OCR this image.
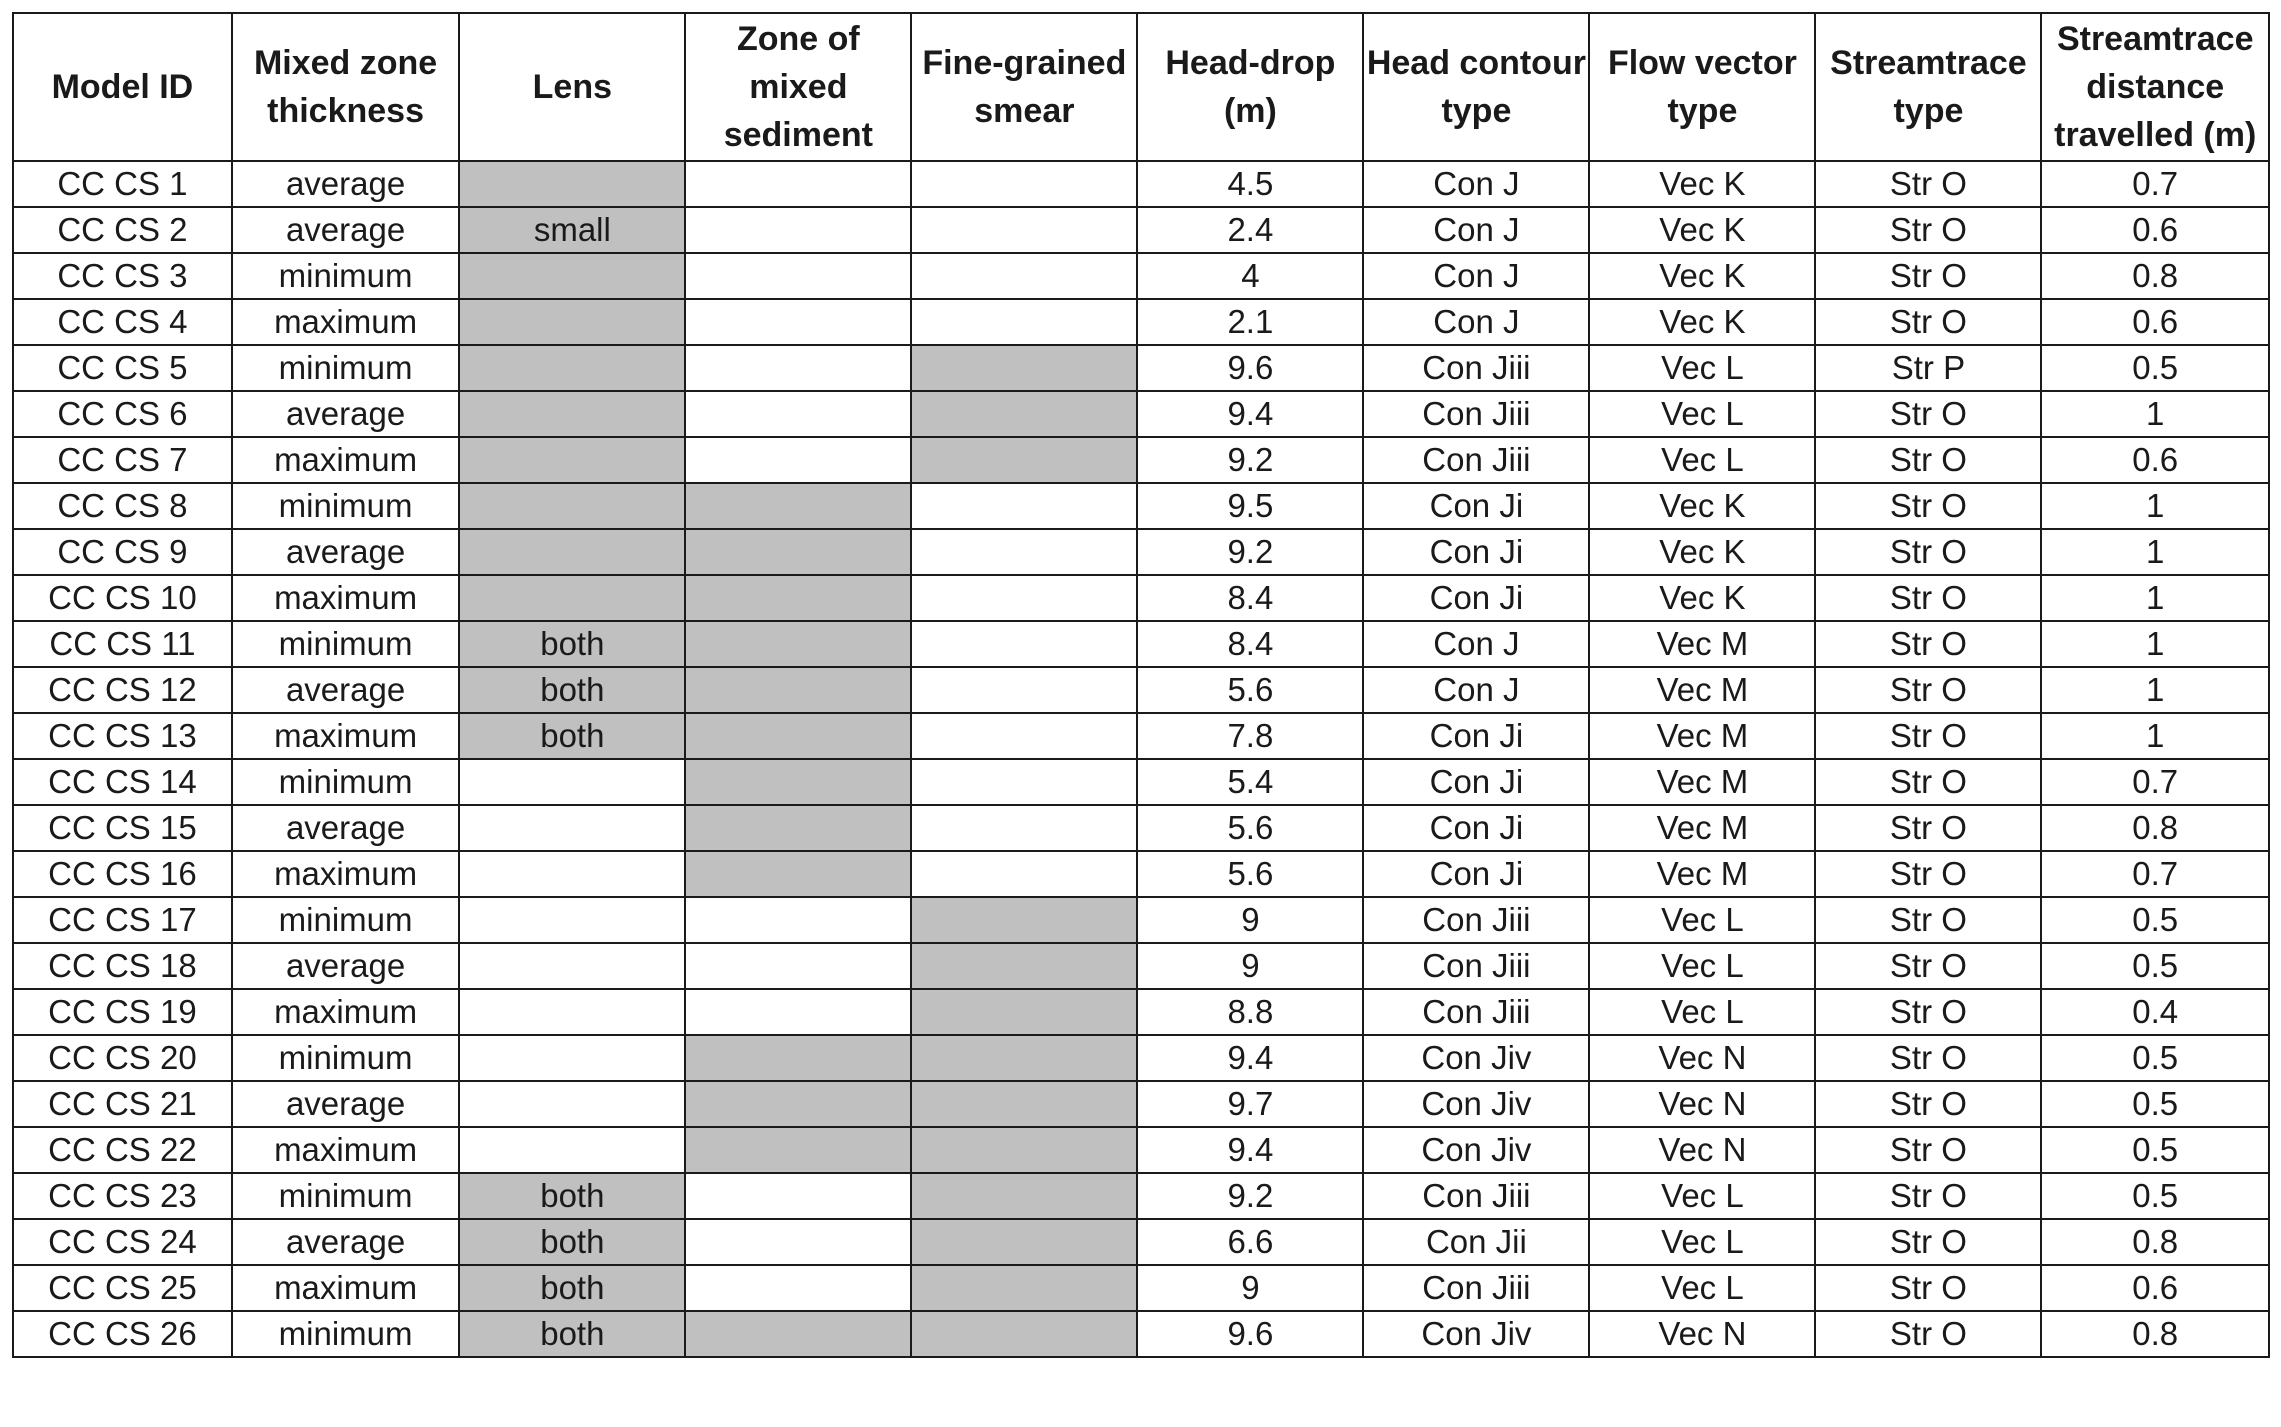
Model ID	Mixed zone thickness	Lens	Zone of mixed sediment	Fine-grained smear	Head-drop (m)	Head contour type	Flow vector type	Streamtrace type	Streamtrace distance travelled (m)
CC CS 1	average				4.5	Con J	Vec K	Str O	0.7
CC CS 2	average	small			2.4	Con J	Vec K	Str O	0.6
CC CS 3	minimum				4	Con J	Vec K	Str O	0.8
CC CS 4	maximum				2.1	Con J	Vec K	Str O	0.6
CC CS 5	minimum				9.6	Con Jiii	Vec L	Str P	0.5
CC CS 6	average				9.4	Con Jiii	Vec L	Str O	1
CC CS 7	maximum				9.2	Con Jiii	Vec L	Str O	0.6
CC CS 8	minimum				9.5	Con Ji	Vec K	Str O	1
CC CS 9	average				9.2	Con Ji	Vec K	Str O	1
CC CS 10	maximum				8.4	Con Ji	Vec K	Str O	1
CC CS 11	minimum	both			8.4	Con J	Vec M	Str O	1
CC CS 12	average	both			5.6	Con J	Vec M	Str O	1
CC CS 13	maximum	both			7.8	Con Ji	Vec M	Str O	1
CC CS 14	minimum				5.4	Con Ji	Vec M	Str O	0.7
CC CS 15	average				5.6	Con Ji	Vec M	Str O	0.8
CC CS 16	maximum				5.6	Con Ji	Vec M	Str O	0.7
CC CS 17	minimum				9	Con Jiii	Vec L	Str O	0.5
CC CS 18	average				9	Con Jiii	Vec L	Str O	0.5
CC CS 19	maximum				8.8	Con Jiii	Vec L	Str O	0.4
CC CS 20	minimum				9.4	Con Jiv	Vec N	Str O	0.5
CC CS 21	average				9.7	Con Jiv	Vec N	Str O	0.5
CC CS 22	maximum				9.4	Con Jiv	Vec N	Str O	0.5
CC CS 23	minimum	both			9.2	Con Jiii	Vec L	Str O	0.5
CC CS 24	average	both			6.6	Con Jii	Vec L	Str O	0.8
CC CS 25	maximum	both			9	Con Jiii	Vec L	Str O	0.6
CC CS 26	minimum	both			9.6	Con Jiv	Vec N	Str O	0.8
